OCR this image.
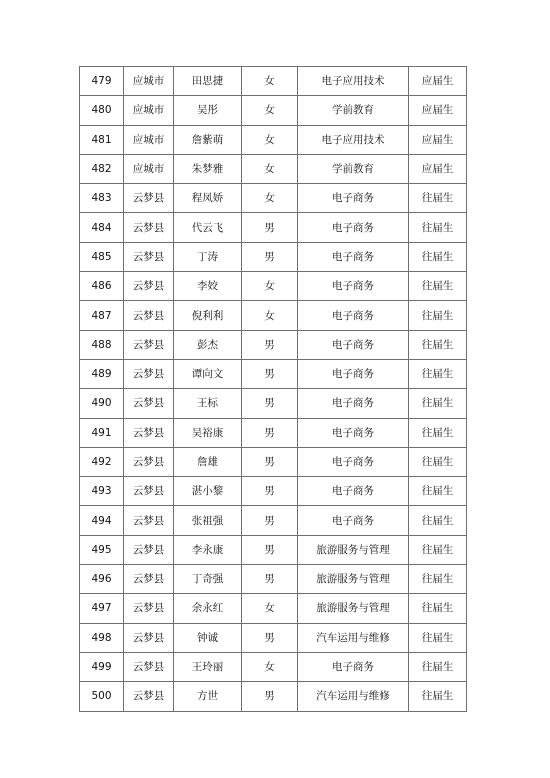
479	应城市	田思捷	女	电子应用技术	应届生
480	应城市	吴彤	女	学前教育	应届生
481	应城市	詹紫萌	女	电子应用技术	应届生
482	应城市	朱梦雅	女	学前教育	应届生
483	云梦县	程凤娇	女	电子商务	往届生
484	云梦县	代云飞	男	电子商务	往届生
485	云梦县	丁涛	男	电子商务	往届生
486	云梦县	李姣	女	电子商务	往届生
487	云梦县	倪利利	女	电子商务	往届生
488	云梦县	彭杰	男	电子商务	往届生
489	云梦县	谭向文	男	电子商务	往届生
490	云梦县	王标	男	电子商务	往届生
491	云梦县	吴裕康	男	电子商务	往届生
492	云梦县	詹雄	男	电子商务	往届生
493	云梦县	湛小黎	男	电子商务	往届生
494	云梦县	张祖强	男	电子商务	往届生
495	云梦县	李永康	男	旅游服务与管理	往届生
496	云梦县	丁奇强	男	旅游服务与管理	往届生
497	云梦县	余永红	女	旅游服务与管理	往届生
498	云梦县	钟诚	男	汽车运用与维修	往届生
499	云梦县	王玲丽	女	电子商务	往届生
500	云梦县	方世	男	汽车运用与维修	往届生
